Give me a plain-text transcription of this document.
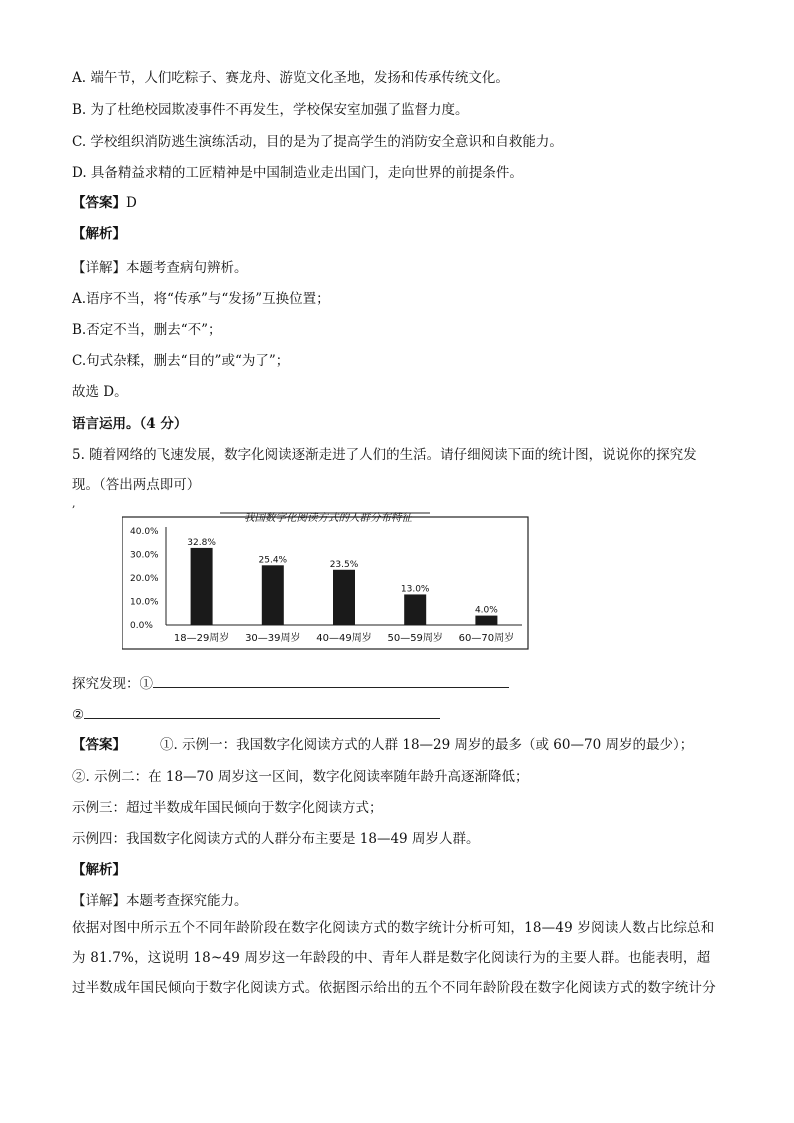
A. 端午节，人们吃粽子、赛龙舟、游览文化圣地，发扬和传承传统文化。
B. 为了杜绝校园欺凌事件不再发生，学校保安室加强了监督力度。
C. 学校组织消防逃生演练活动，目的是为了提高学生的消防安全意识和自救能力。
D. 具备精益求精的工匠精神是中国制造业走出国门，走向世界的前提条件。
【答案】D
【解析】
【详解】本题考查病句辨析。
A.语序不当，将“传承”与“发扬”互换位置；
B.否定不当，删去“不”；
C.句式杂糅，删去“目的”或“为了”；
故选 D。
语言运用。（4 分）
5. 随着网络的飞速发展，数字化阅读逐渐走进了人们的生活。请仔细阅读下面的统计图，说说你的探究发
现。（答出两点即可）
,
我国数字化阅读方式的人群分布特征
0.0%
10.0%
20.0%
30.0%
40.0%
32.8%
25.4%	23.5%
13.0%
4.0%
18—29周岁 30—39周岁 40—49周岁 50—59周岁 60—70周岁
探究发现：①
②
【答案】	①. 示例一：我国数字化阅读方式的人群 18—29 周岁的最多（或 60—70 周岁的最少）；
②. 示例二：在 18—70 周岁这一区间，数字化阅读率随年龄升高逐渐降低；
示例三：超过半数成年国民倾向于数字化阅读方式；
示例四：我国数字化阅读方式的人群分布主要是 18—49 周岁人群。
【解析】
【详解】本题考查探究能力。
依据对图中所示五个不同年龄阶段在数字化阅读方式的数字统计分析可知，18—49 岁阅读人数占比综总和为 81.7%，这说明 18~49 周岁这一年龄段的中、青年人群是数字化阅读行为的主要人群。也能表明，超过半数成年国民倾向于数字化阅读方式。依据图示给出的五个不同年龄阶段在数字化阅读方式的数字统计分
